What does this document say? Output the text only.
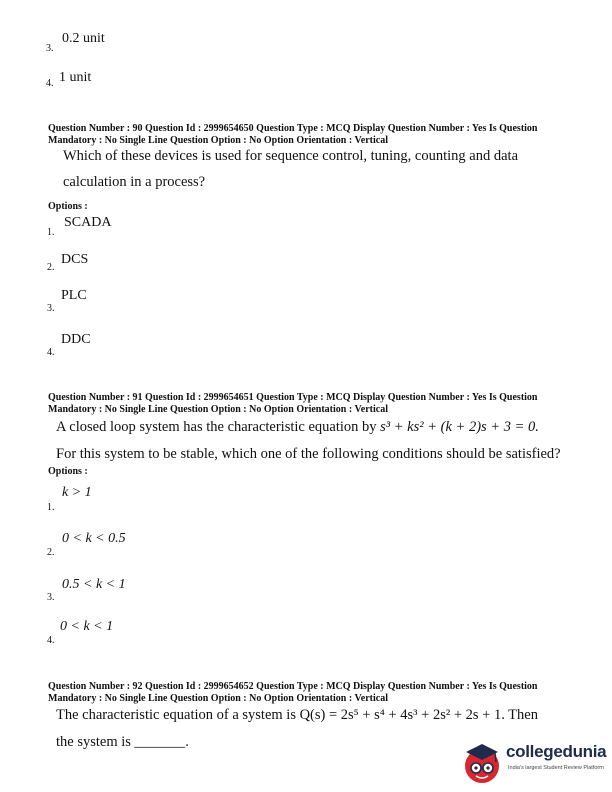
0.2 unit
3.
1 unit
4.
Question Number : 90 Question Id : 2999654650 Question Type : MCQ Display Question Number : Yes Is Question
Mandatory : No Single Line Question Option : No Option Orientation : Vertical
Which of these devices is used for sequence control, tuning, counting and data
calculation in a process?
Options :
SCADA
1.
DCS
2.
PLC
3.
DDC
4.
Question Number : 91 Question Id : 2999654651 Question Type : MCQ Display Question Number : Yes Is Question
Mandatory : No Single Line Question Option : No Option Orientation : Vertical
A closed loop system has the characteristic equation by s³ + ks² + (k + 2)s + 3 = 0.
For this system to be stable, which one of the following conditions should be satisfied?
Options :
k > 1
1.
0 < k < 0.5
2.
0.5 < k < 1
3.
0 < k < 1
4.
Question Number : 92 Question Id : 2999654652 Question Type : MCQ Display Question Number : Yes Is Question
Mandatory : No Single Line Question Option : No Option Orientation : Vertical
The characteristic equation of a system is Q(s) = 2s⁵ + s⁴ + 4s³ + 2s² + 2s + 1. Then
the system is _______.	collegedunia
India's largest Student Review Platform
